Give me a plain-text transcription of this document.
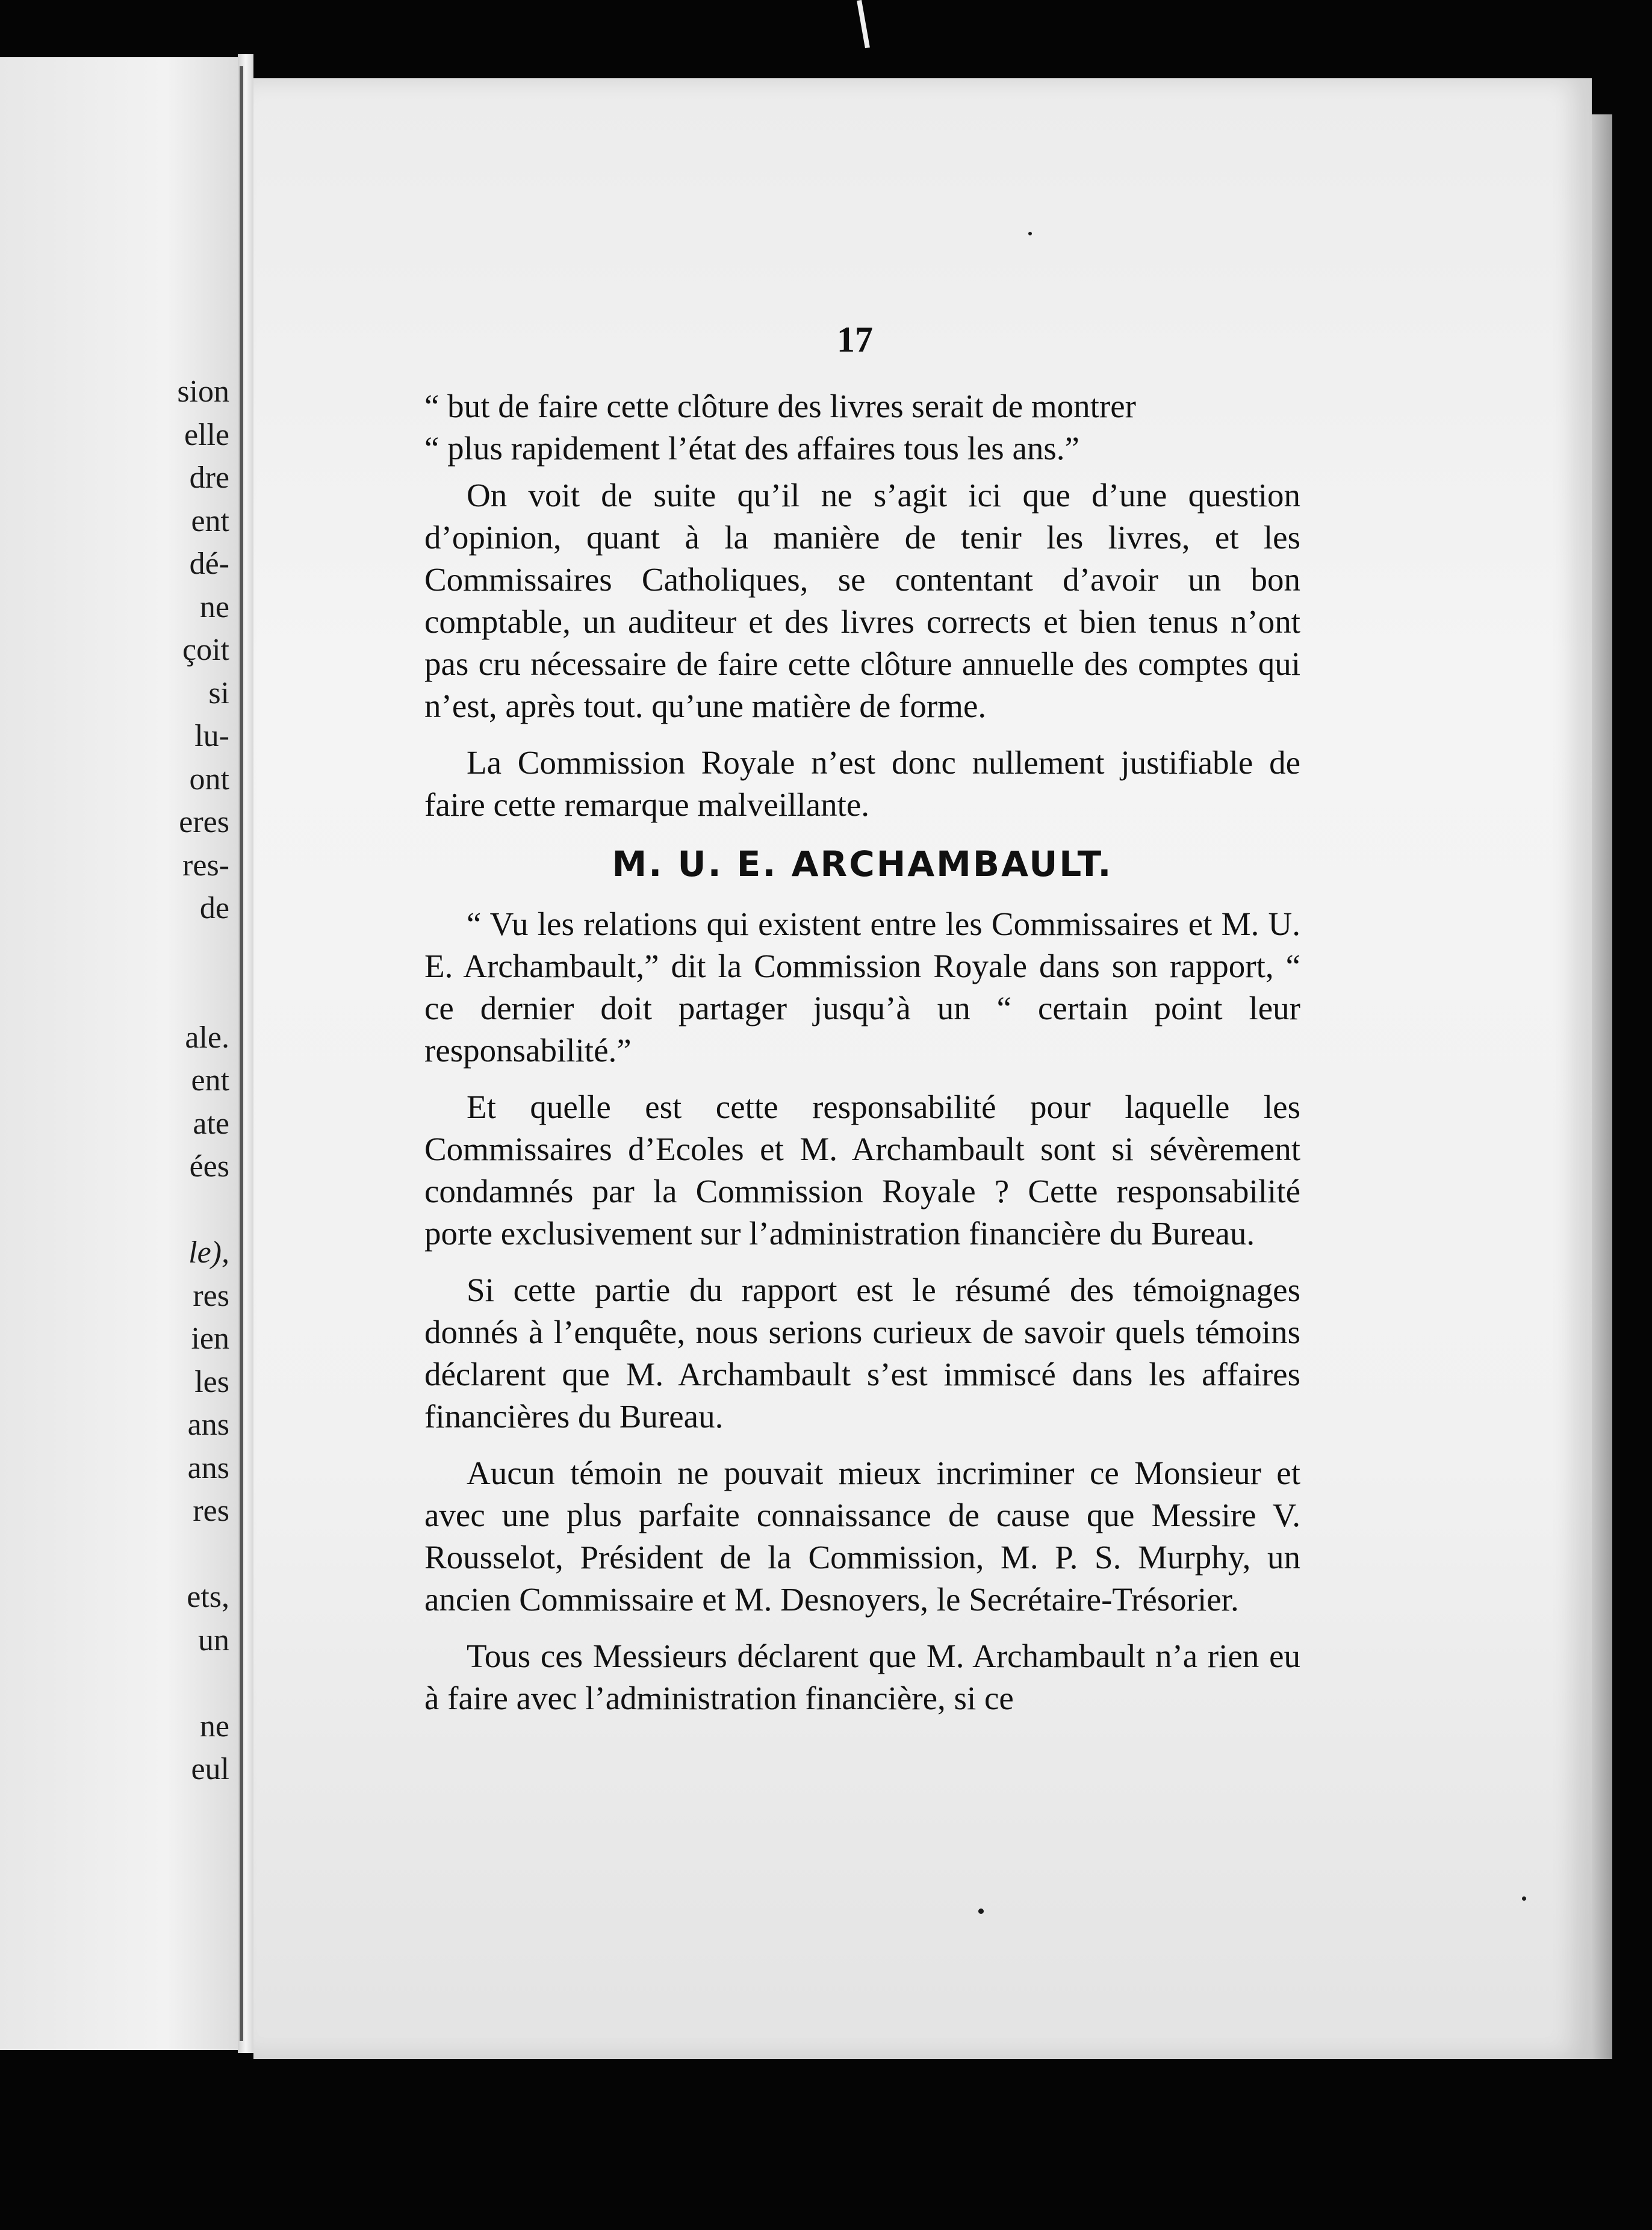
sion
elle
dre
ent
dé-
ne
çoit
si
lu-
ont
eres
res-
de
ale.
ent
ate
ées
le),
res
ien
les
ans
ans
res
ets,
un
ne
eul
17

“ but de faire cette clôture des livres serait de montrer
“ plus rapidement l’état des affaires tous les ans.”

On voit de suite qu’il ne s’agit ici que d’une question d’opinion, quant à la manière de tenir les livres, et les Commissaires Catholiques, se contentant d’avoir un bon comptable, un auditeur et des livres corrects et bien tenus n’ont pas cru nécessaire de faire cette clôture annuelle des comptes qui n’est, après tout. qu’une matière de forme.

La Commission Royale n’est donc nullement justifiable de faire cette remarque malveillante.

M. U. E. ARCHAMBAULT.

“ Vu les relations qui existent entre les Commissaires et M. U. E. Archambault,” dit la Commission Royale dans son rapport, “ ce dernier doit partager jusqu’à un “ certain point leur responsabilité.”

Et quelle est cette responsabilité pour laquelle les Commissaires d’Ecoles et M. Archambault sont si sévèrement condamnés par la Commission Royale ? Cette responsabilité porte exclusivement sur l’administration financière du Bureau.

Si cette partie du rapport est le résumé des témoignages donnés à l’enquête, nous serions curieux de savoir quels témoins déclarent que M. Archambault s’est immiscé dans les affaires financières du Bureau.

Aucun témoin ne pouvait mieux incriminer ce Monsieur et avec une plus parfaite connaissance de cause que Messire V. Rousselot, Président de la Commission, M. P. S. Murphy, un ancien Commissaire et M. Desnoyers, le Secrétaire-Trésorier.

Tous ces Messieurs déclarent que M. Archambault n’a rien eu à faire avec l’administration financière, si ce
